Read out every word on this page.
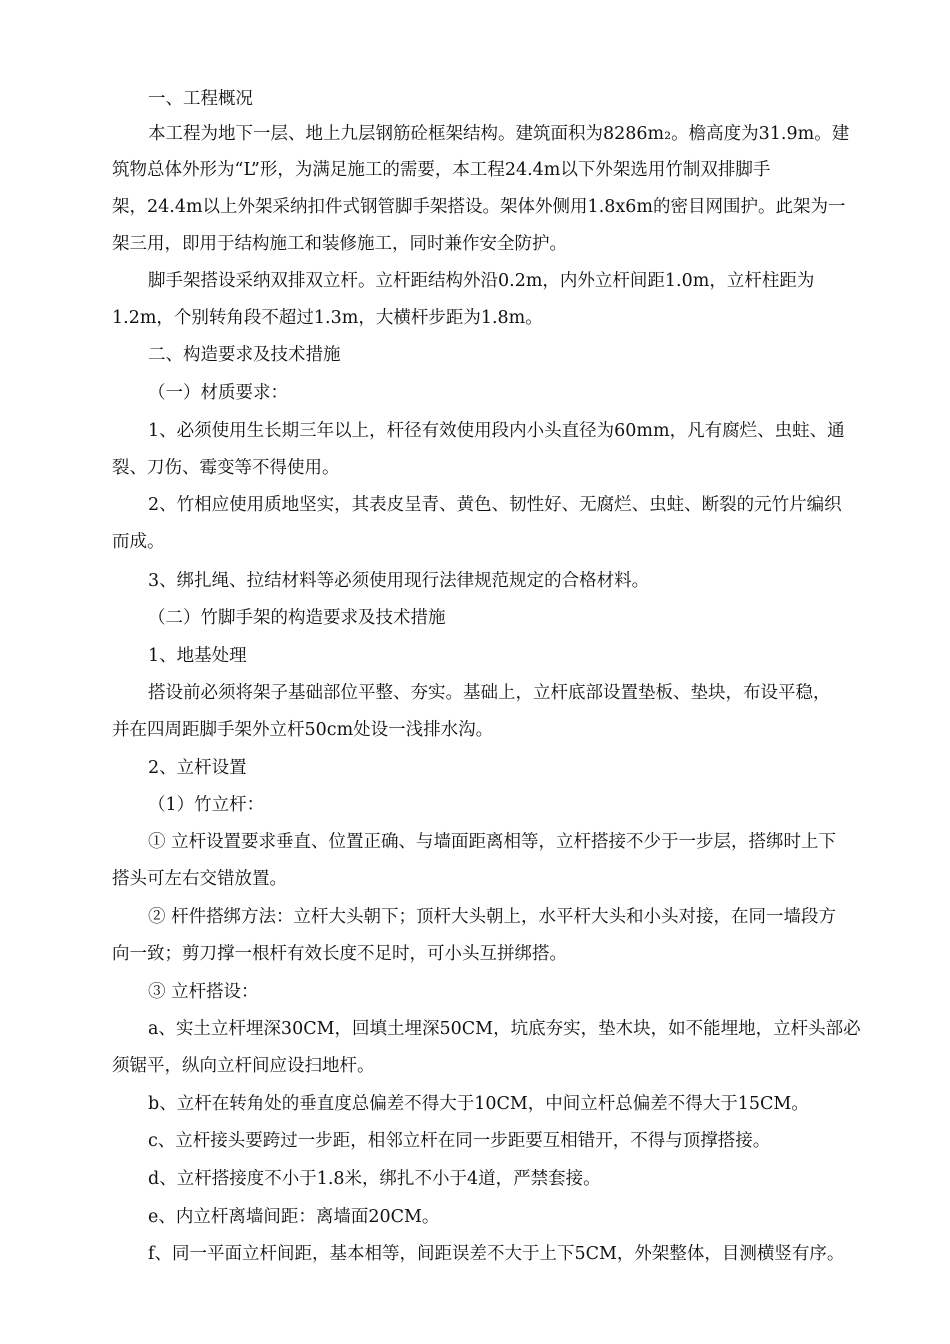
一、工程概况
本工程为地下一层、地上九层钢筋砼框架结构。建筑面积为8286m₂。檐高度为31.9m。建
筑物总体外形为“L”形，为满足施工的需要，本工程24.4m以下外架选用竹制双排脚手
架，24.4m以上外架采纳扣件式钢管脚手架搭设。架体外侧用1.8x6m的密目网围护。此架为一
架三用，即用于结构施工和装修施工，同时兼作安全防护。
脚手架搭设采纳双排双立杆。立杆距结构外沿0.2m，内外立杆间距1.0m，立杆柱距为
1.2m，个别转角段不超过1.3m，大横杆步距为1.8m。
二、构造要求及技术措施
（一）材质要求：
1、必须使用生长期三年以上，杆径有效使用段内小头直径为60mm，凡有腐烂、虫蛀、通
裂、刀伤、霉变等不得使用。
2、竹相应使用质地坚实，其表皮呈青、黄色、韧性好、无腐烂、虫蛀、断裂的元竹片编织
而成。
3、绑扎绳、拉结材料等必须使用现行法律规范规定的合格材料。
（二）竹脚手架的构造要求及技术措施
1、地基处理
搭设前必须将架子基础部位平整、夯实。基础上，立杆底部设置垫板、垫块，布设平稳，
并在四周距脚手架外立杆50cm处设一浅排水沟。
2、立杆设置
（1）竹立杆：
① 立杆设置要求垂直、位置正确、与墙面距离相等，立杆搭接不少于一步层，搭绑时上下
搭头可左右交错放置。
② 杆件搭绑方法：立杆大头朝下；顶杆大头朝上，水平杆大头和小头对接，在同一墙段方
向一致；剪刀撑一根杆有效长度不足时，可小头互拼绑搭。
③ 立杆搭设：
a、实土立杆埋深30CM，回填土埋深50CM，坑底夯实，垫木块，如不能埋地，立杆头部必
须锯平，纵向立杆间应设扫地杆。
b、立杆在转角处的垂直度总偏差不得大于10CM，中间立杆总偏差不得大于15CM。
c、立杆接头要跨过一步距，相邻立杆在同一步距要互相错开，不得与顶撑搭接。
d、立杆搭接度不小于1.8米，绑扎不小于4道，严禁套接。
e、内立杆离墙间距：离墙面20CM。
f、同一平面立杆间距，基本相等，间距误差不大于上下5CM，外架整体，目测横竖有序。
